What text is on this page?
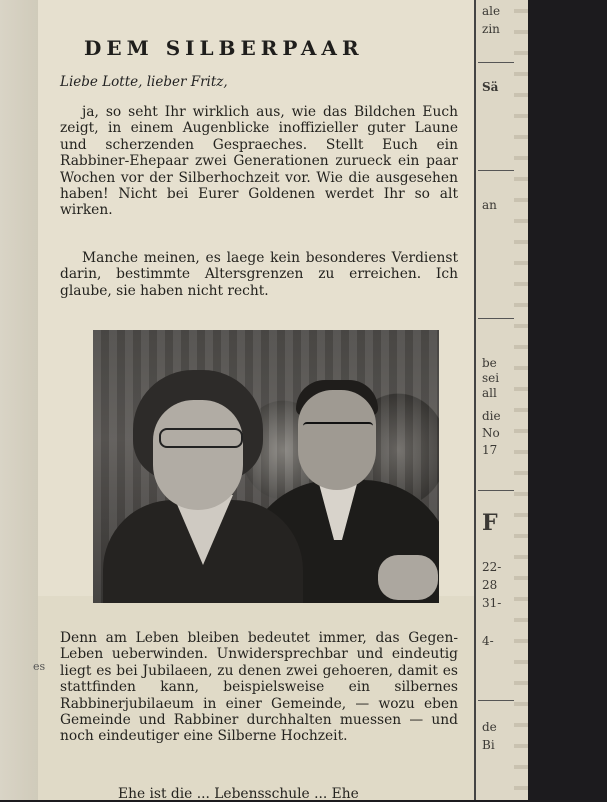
ale
zin
Sä
an
be
sei
all
die
No
17
F
22-
28
31-
4-
de
Bi
es
DEM SILBERPAAR
Liebe Lotte, lieber Fritz,

ja, so seht Ihr wirklich aus, wie das Bildchen Euch zeigt, in einem Augenblicke inoffizieller guter Laune und scherzenden Gespraeches. Stellt Euch ein Rabbiner-Ehepaar zwei Generationen zurueck ein paar Wochen vor der Silberhochzeit vor. Wie die ausgesehen haben! Nicht bei Eurer Goldenen werdet Ihr so alt wirken.

Manche meinen, es laege kein besonderes Verdienst darin, bestimmte Altersgrenzen zu erreichen. Ich glaube, sie haben nicht recht.

Denn am Leben bleiben bedeutet immer, das Gegen-Leben ueberwinden. Unwidersprechbar und eindeutig liegt es bei Jubilaeen, zu denen zwei gehoeren, damit es stattfinden kann, beispielsweise ein silbernes Rabbinerjubilaeum in einer Gemeinde, — wozu eben Gemeinde und Rabbiner durchhalten muessen — und noch eindeutiger eine Silberne Hochzeit.

Ehe ist die ... Lebensschule ... Ehe
